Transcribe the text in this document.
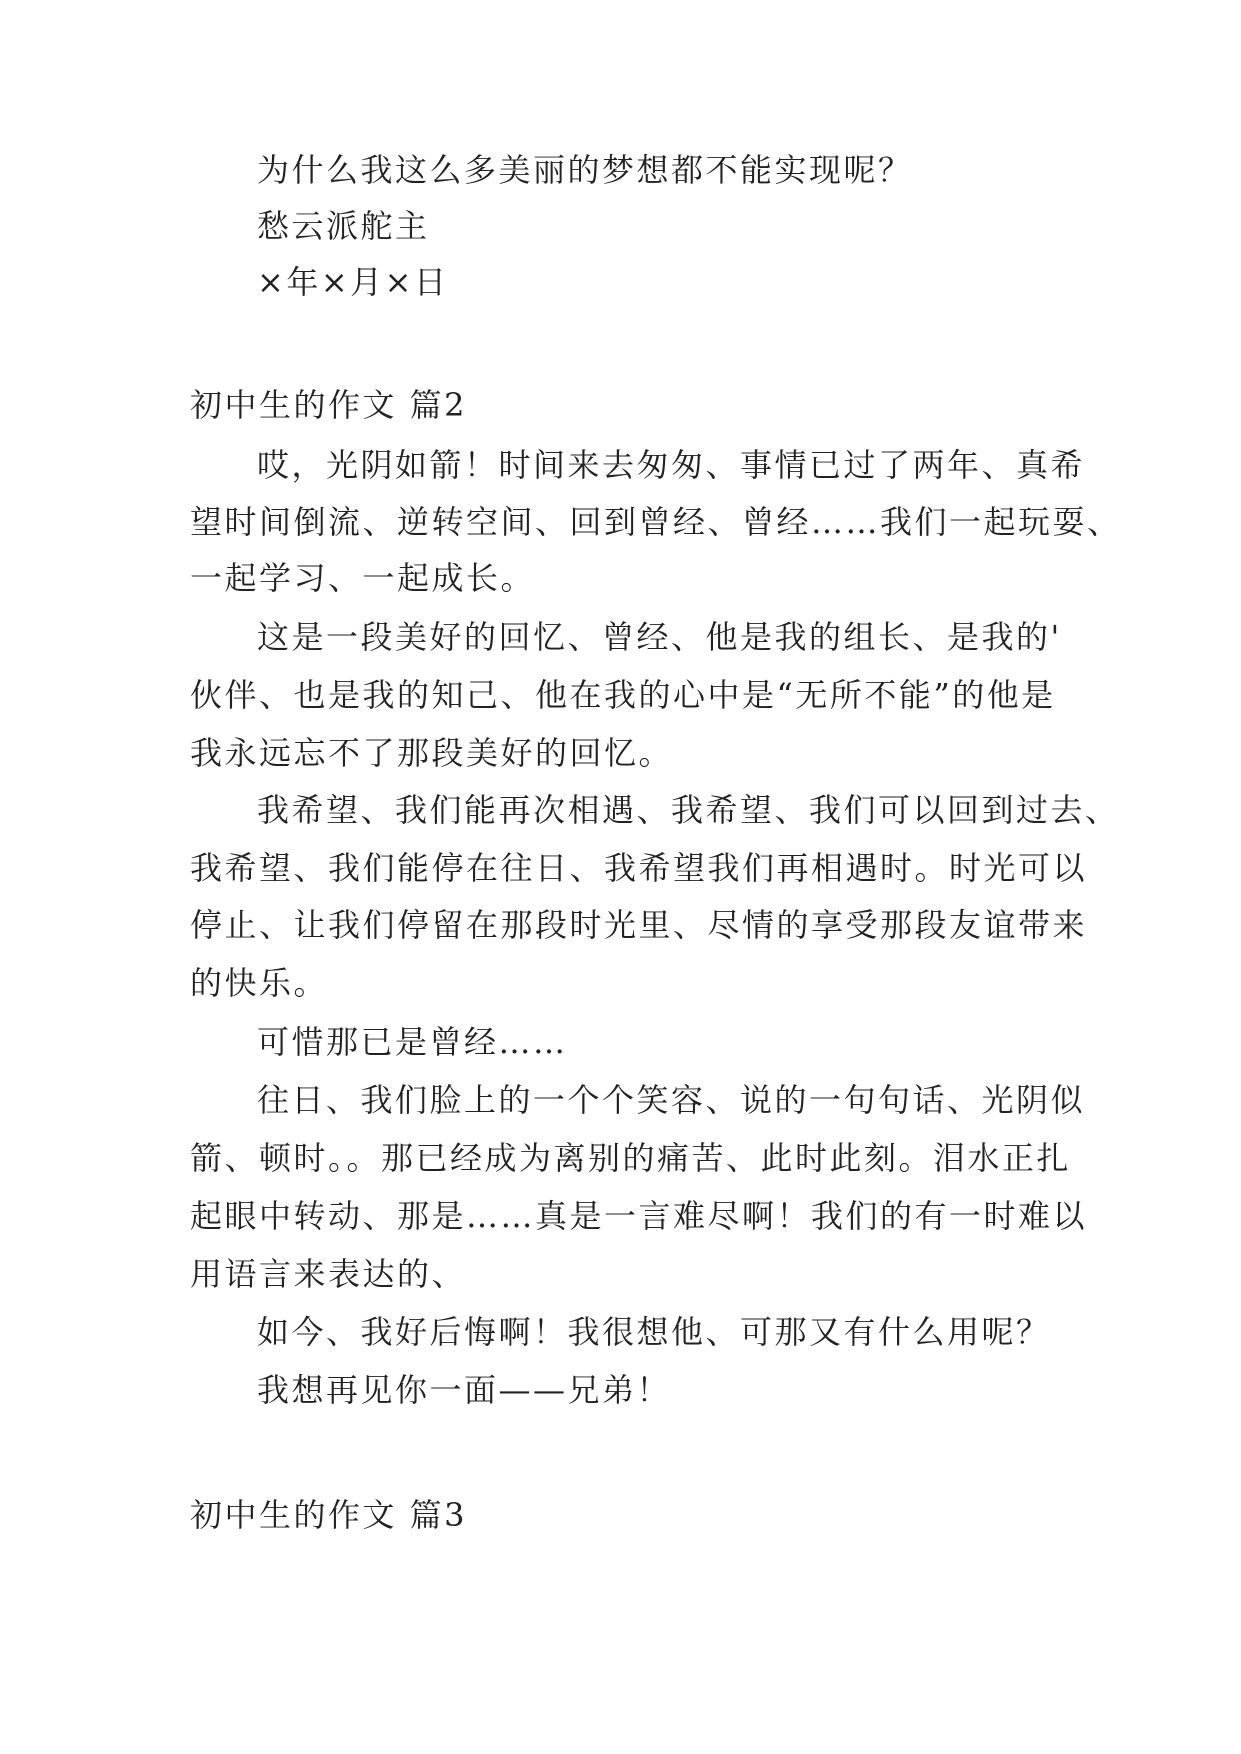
为什么我这么多美丽的梦想都不能实现呢？
愁云派舵主
×年×月×日
初中生的作文 篇2
哎，光阴如箭！时间来去匆匆、事情已过了两年、真希
望时间倒流、逆转空间、回到曾经、曾经……我们一起玩耍、
一起学习、一起成长。
这是一段美好的回忆、曾经、他是我的组长、是我的'
伙伴、也是我的知己、他在我的心中是“无所不能”的他是
我永远忘不了那段美好的回忆。
我希望、我们能再次相遇、我希望、我们可以回到过去、
我希望、我们能停在往日、我希望我们再相遇时。时光可以
停止、让我们停留在那段时光里、尽情的享受那段友谊带来
的快乐。
可惜那已是曾经……
往日、我们脸上的一个个笑容、说的一句句话、光阴似
箭、顿时。。那已经成为离别的痛苦、此时此刻。泪水正扎
起眼中转动、那是……真是一言难尽啊！我们的有一时难以
用语言来表达的、
如今、我好后悔啊！我很想他、可那又有什么用呢？
我想再见你一面——兄弟！
初中生的作文 篇3
